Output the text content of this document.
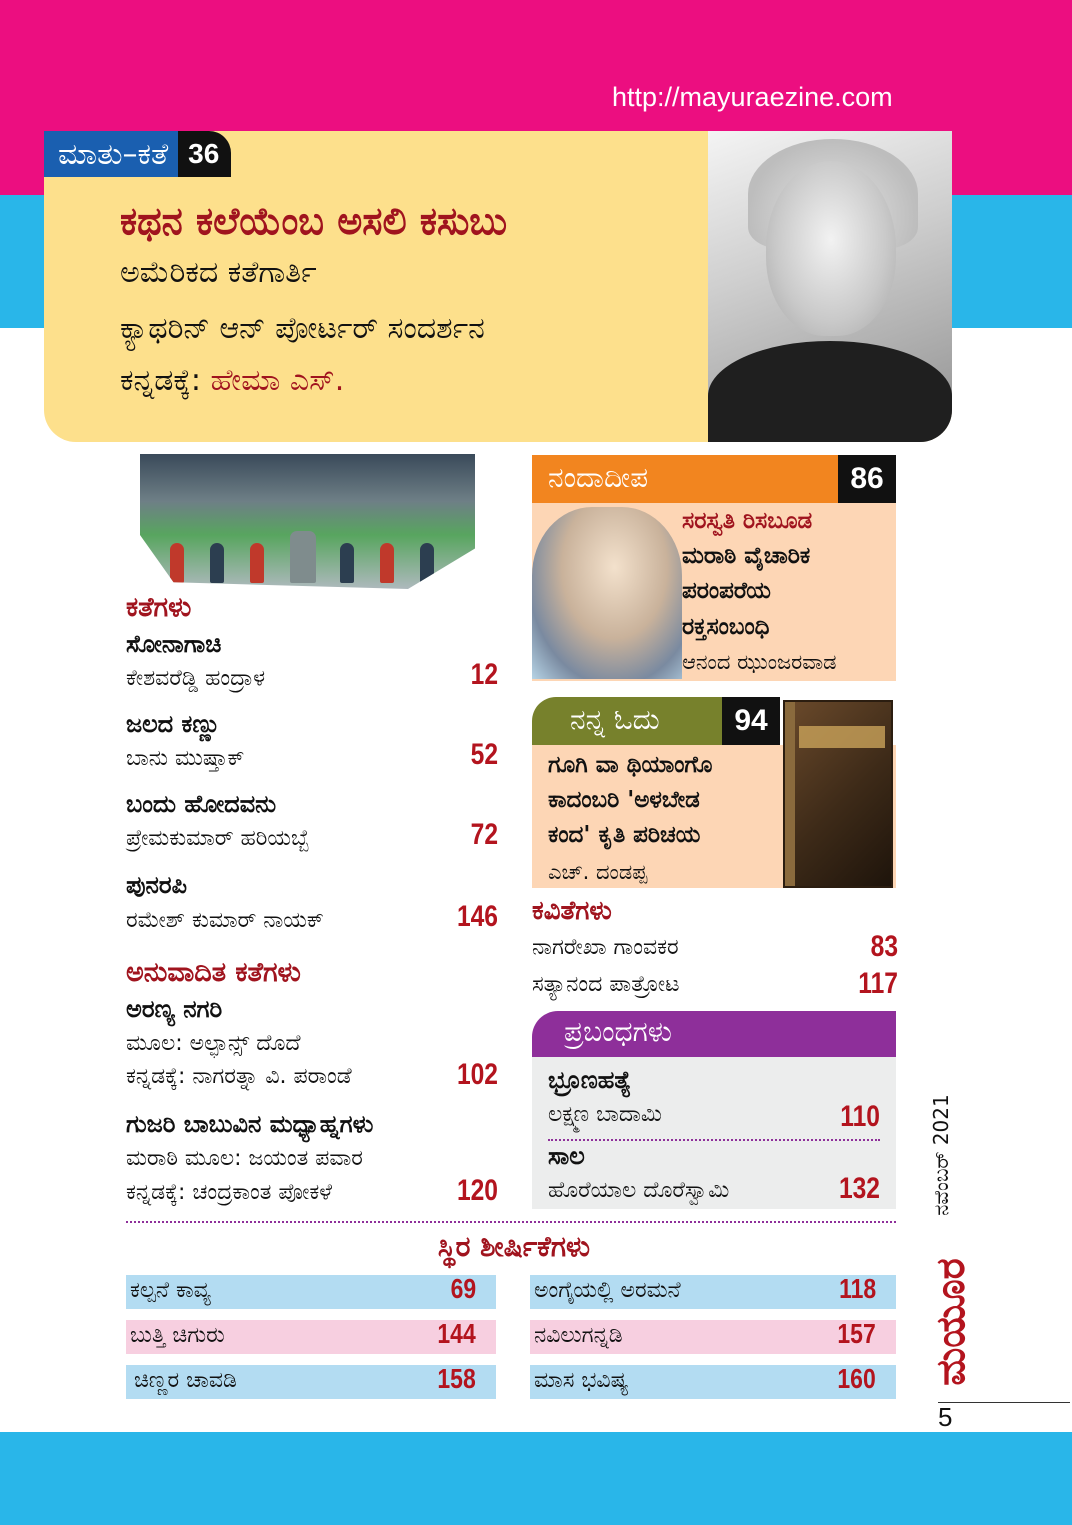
http://mayuraezine.com
ಮಾತು–ಕತೆ 36
ಕಥನ ಕಲೆಯೆಂಬ ಅಸಲಿ ಕಸುಬು
ಅಮೆರಿಕದ ಕತೆಗಾರ್ತಿ
ಕ್ಯಾಥರಿನ್ ಆನ್ ಪೋರ್ಟರ್ ಸಂದರ್ಶನ
ಕನ್ನಡಕ್ಕೆ: ಹೇಮಾ ಎಸ್.
ಕತೆಗಳು
ಸೋನಾಗಾಚಿ
ಕೇಶವರೆಡ್ಡಿ ಹಂದ್ರಾಳ	12
ಜಲದ ಕಣ್ಣು
ಬಾನು ಮುಷ್ತಾಕ್	52
ಬಂದು ಹೋದವನು
ಪ್ರೇಮಕುಮಾರ್ ಹರಿಯಬ್ಬೆ	72
ಪುನರಪಿ
ರಮೇಶ್ ಕುಮಾರ್ ನಾಯಕ್	146
ಅನುವಾದಿತ ಕತೆಗಳು
ಅರಣ್ಯ ನಗರಿ
ಮೂಲ: ಅಲ್ಫಾನ್ಸ್ ದೊದೆ
ಕನ್ನಡಕ್ಕೆ: ನಾಗರತ್ನಾ ವಿ. ಪರಾಂಡೆ	102
ಗುಜರಿ ಬಾಬುವಿನ ಮಧ್ಯಾಹ್ನಗಳು
ಮರಾಠಿ ಮೂಲ: ಜಯಂತ ಪವಾರ
ಕನ್ನಡಕ್ಕೆ: ಚಂದ್ರಕಾಂತ ಪೋಕಳೆ	120
ನಂದಾದೀಪ	86
ಸರಸ್ವತಿ ರಿಸಬೂಡ
ಮರಾಠಿ ವೈಚಾರಿಕ
ಪರಂಪರೆಯ
ರಕ್ತಸಂಬಂಧಿ
ಆನಂದ ಝುಂಜರವಾಡ
ನನ್ನ ಓದು	94
ಗೂಗಿ ವಾ ಥಿಯಾಂಗೊ
ಕಾದಂಬರಿ 'ಅಳಬೇಡ
ಕಂದ' ಕೃತಿ ಪರಿಚಯ
ಎಚ್. ದಂಡಪ್ಪ
ಕವಿತೆಗಳು
ನಾಗರೇಖಾ ಗಾಂವಕರ	83
ಸತ್ಯಾನಂದ ಪಾತ್ರೋಟ	117
ಪ್ರಬಂಧಗಳು
ಭ್ರೂಣಹತ್ಯೆ
ಲಕ್ಷ್ಮಣ ಬಾದಾಮಿ	110
ಸಾಲ
ಹೊರೆಯಾಲ ದೊರೆಸ್ವಾಮಿ	132
ಸ್ಥಿರ ಶೀರ್ಷಿಕೆಗಳು
ಕಲ್ಪನೆ ಕಾವ್ಯ	69
ಬುತ್ತಿ ಚಿಗುರು	144
ಚಿಣ್ಣರ ಚಾವಡಿ	158
ಅಂಗೈಯಲ್ಲಿ ಅರಮನೆ	118
ನವಿಲುಗನ್ನಡಿ	157
ಮಾಸ ಭವಿಷ್ಯ	160
ನವೆಂಬರ್ 2021
ಮಯೂರ
5
